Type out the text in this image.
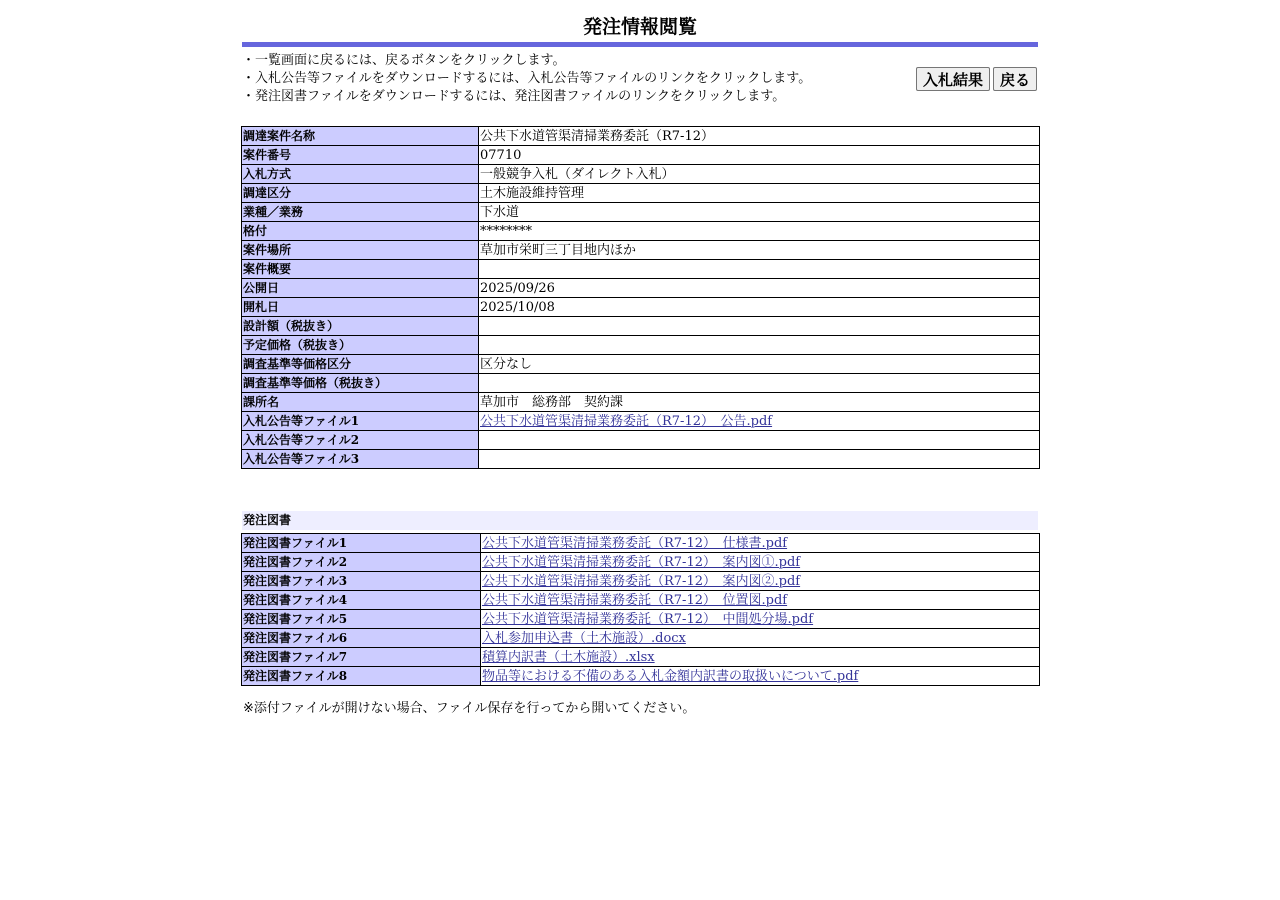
発注情報閲覧
・一覧画面に戻るには、戻るボタンをクリックします。
・入札公告等ファイルをダウンロードするには、入札公告等ファイルのリンクをクリックします。
・発注図書ファイルをダウンロードするには、発注図書ファイルのリンクをクリックします。
入札結果	戻る
調達案件名称	公共下水道管渠清掃業務委託（R7-12）
案件番号	07710
入札方式	一般競争入札（ダイレクト入札）
調達区分	土木施設維持管理
業種／業務	下水道
格付	********
案件場所	草加市栄町三丁目地内ほか
案件概要	
公開日	2025/09/26
開札日	2025/10/08
設計額（税抜き）	
予定価格（税抜き）	
調査基準等価格区分	区分なし
調査基準等価格（税抜き）	
課所名	草加市　総務部　契約課
入札公告等ファイル1	公共下水道管渠清掃業務委託（R7-12）　公告.pdf
入札公告等ファイル2	
入札公告等ファイル3	
発注図書
発注図書ファイル1	公共下水道管渠清掃業務委託（R7-12）　仕様書.pdf
発注図書ファイル2	公共下水道管渠清掃業務委託（R7-12）　案内図①.pdf
発注図書ファイル3	公共下水道管渠清掃業務委託（R7-12）　案内図②.pdf
発注図書ファイル4	公共下水道管渠清掃業務委託（R7-12）　位置図.pdf
発注図書ファイル5	公共下水道管渠清掃業務委託（R7-12）　中間処分場.pdf
発注図書ファイル6	入札参加申込書（土木施設）.docx
発注図書ファイル7	積算内訳書（土木施設）.xlsx
発注図書ファイル8	物品等における不備のある入札金額内訳書の取扱いについて.pdf
※添付ファイルが開けない場合、ファイル保存を行ってから開いてください。
